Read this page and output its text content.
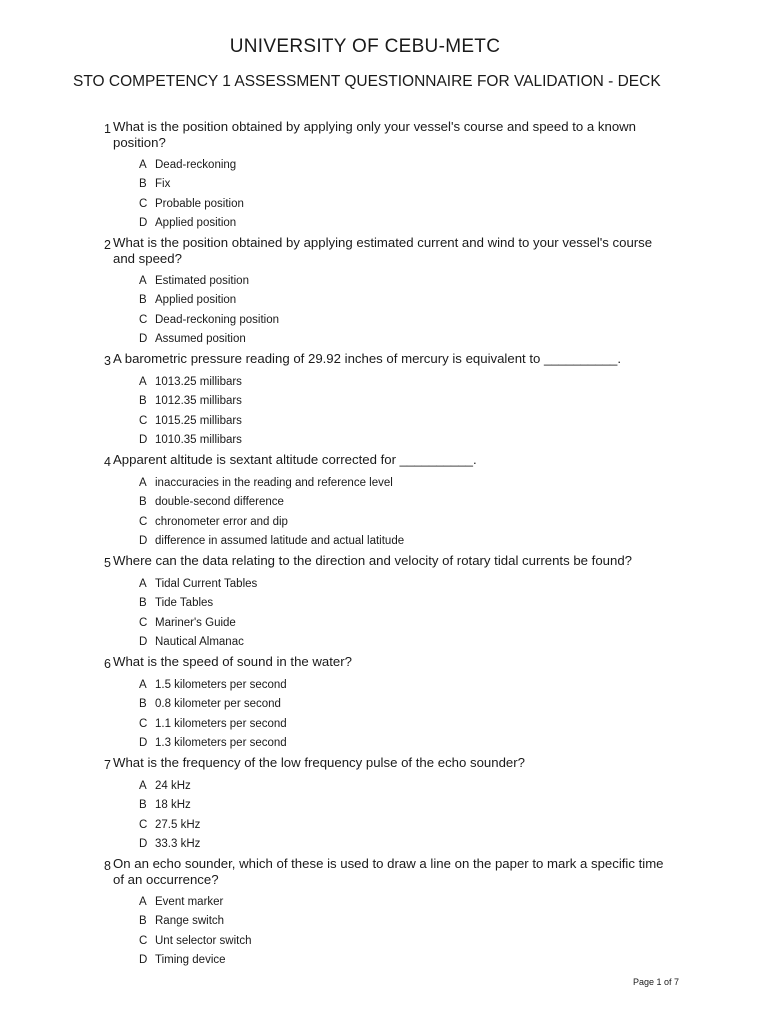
UNIVERSITY OF CEBU-METC
STO COMPETENCY 1 ASSESSMENT QUESTIONNAIRE FOR VALIDATION - DECK
1 What is the position obtained by applying only your vessel's course and speed to a known position?
A Dead-reckoning
B Fix
C Probable position
D Applied position
2 What is the position obtained by applying estimated current and wind to your vessel's course and speed?
A Estimated position
B Applied position
C Dead-reckoning position
D Assumed position
3 A barometric pressure reading of 29.92 inches of mercury is equivalent to __________.
A 1013.25 millibars
B 1012.35 millibars
C 1015.25 millibars
D 1010.35 millibars
4 Apparent altitude is sextant altitude corrected for __________.
A inaccuracies in the reading and reference level
B double-second difference
C chronometer error and dip
D difference in assumed latitude and actual latitude
5 Where can the data relating to the direction and velocity of rotary tidal currents be found?
A Tidal Current Tables
B Tide Tables
C Mariner's Guide
D Nautical Almanac
6 What is the speed of sound in the water?
A 1.5 kilometers per second
B 0.8 kilometer per second
C 1.1 kilometers per second
D 1.3 kilometers per second
7 What is the frequency of the low frequency pulse of the echo sounder?
A 24 kHz
B 18 kHz
C 27.5 kHz
D 33.3 kHz
8 On an echo sounder, which of these is used to draw a line on the paper to mark a specific time of an occurrence?
A Event marker
B Range switch
C Unt selector switch
D Timing device
Page 1 of 7
